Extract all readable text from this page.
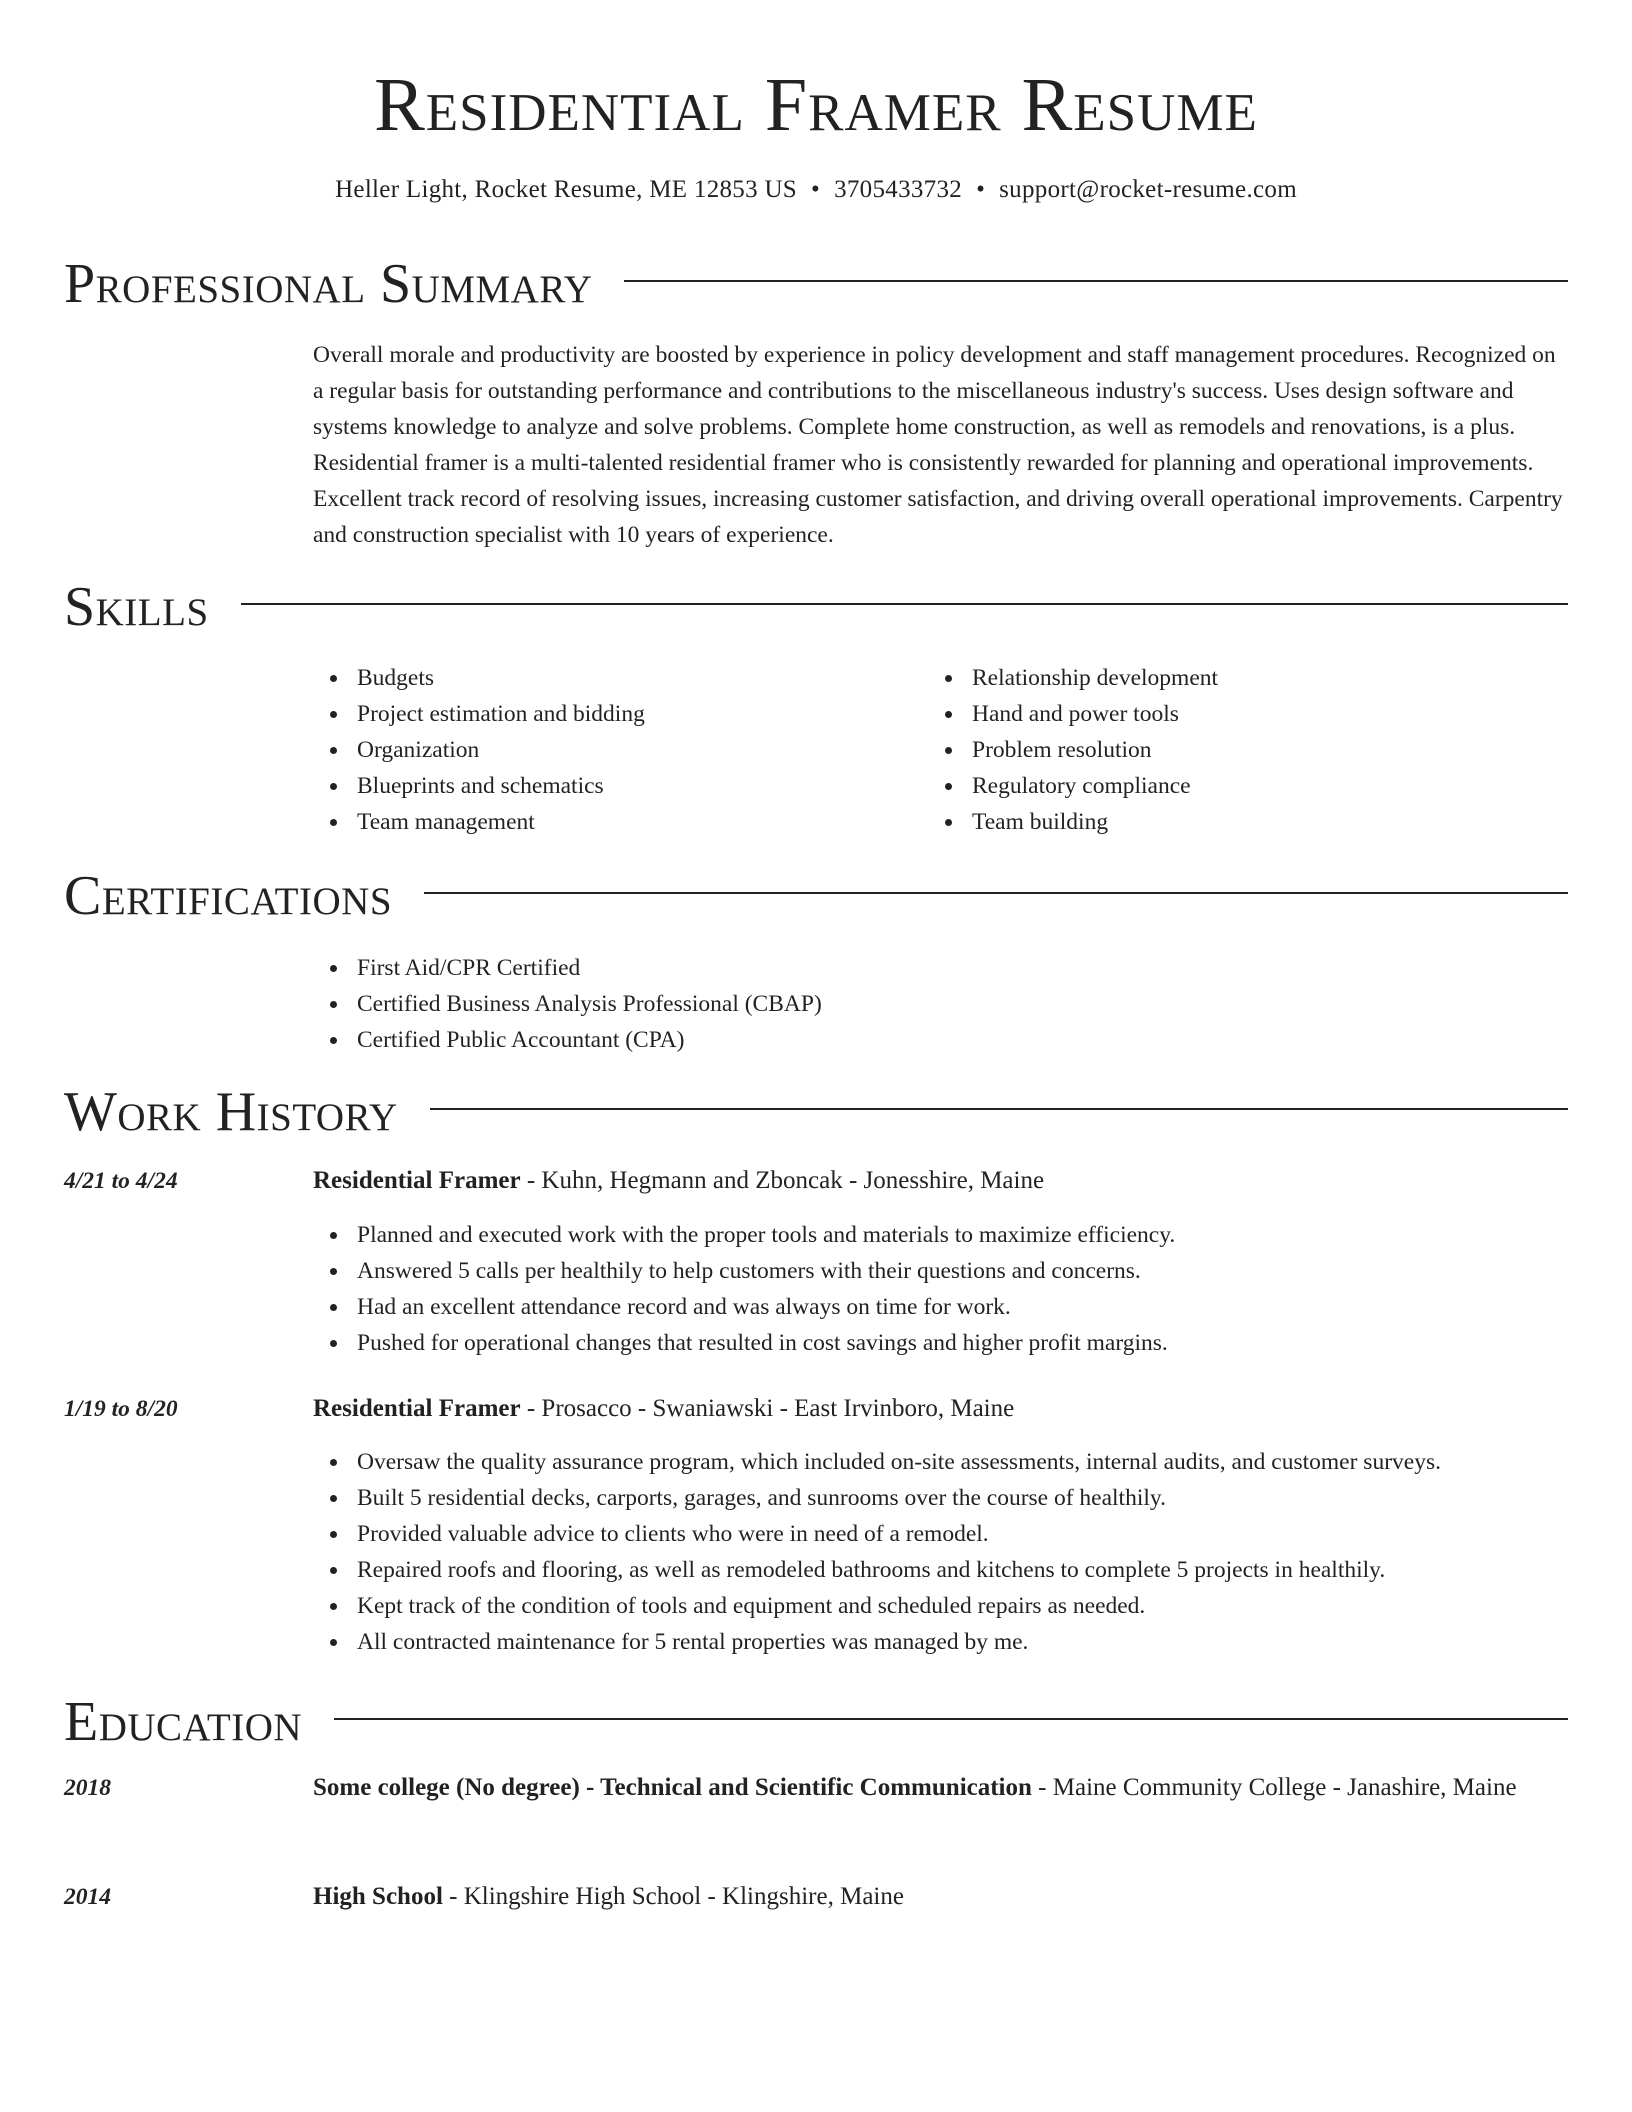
Residential Framer Resume
Heller Light, Rocket Resume, ME 12853 US • 3705433732 • support@rocket-resume.com
Professional Summary
Overall morale and productivity are boosted by experience in policy development and staff management procedures. Recognized on a regular basis for outstanding performance and contributions to the miscellaneous industry's success. Uses design software and systems knowledge to analyze and solve problems. Complete home construction, as well as remodels and renovations, is a plus. Residential framer is a multi-talented residential framer who is consistently rewarded for planning and operational improvements. Excellent track record of resolving issues, increasing customer satisfaction, and driving overall operational improvements. Carpentry and construction specialist with 10 years of experience.
Skills
Budgets
Project estimation and bidding
Organization
Blueprints and schematics
Team management
Relationship development
Hand and power tools
Problem resolution
Regulatory compliance
Team building
Certifications
First Aid/CPR Certified
Certified Business Analysis Professional (CBAP)
Certified Public Accountant (CPA)
Work History
4/21 to 4/24	Residential Framer - Kuhn, Hegmann and Zboncak - Jonesshire, Maine
Planned and executed work with the proper tools and materials to maximize efficiency.
Answered 5 calls per healthily to help customers with their questions and concerns.
Had an excellent attendance record and was always on time for work.
Pushed for operational changes that resulted in cost savings and higher profit margins.
1/19 to 8/20	Residential Framer - Prosacco - Swaniawski - East Irvinboro, Maine
Oversaw the quality assurance program, which included on-site assessments, internal audits, and customer surveys.
Built 5 residential decks, carports, garages, and sunrooms over the course of healthily.
Provided valuable advice to clients who were in need of a remodel.
Repaired roofs and flooring, as well as remodeled bathrooms and kitchens to complete 5 projects in healthily.
Kept track of the condition of tools and equipment and scheduled repairs as needed.
All contracted maintenance for 5 rental properties was managed by me.
Education
2018	Some college (No degree) - Technical and Scientific Communication - Maine Community College - Janashire, Maine
2014	High School - Klingshire High School - Klingshire, Maine
